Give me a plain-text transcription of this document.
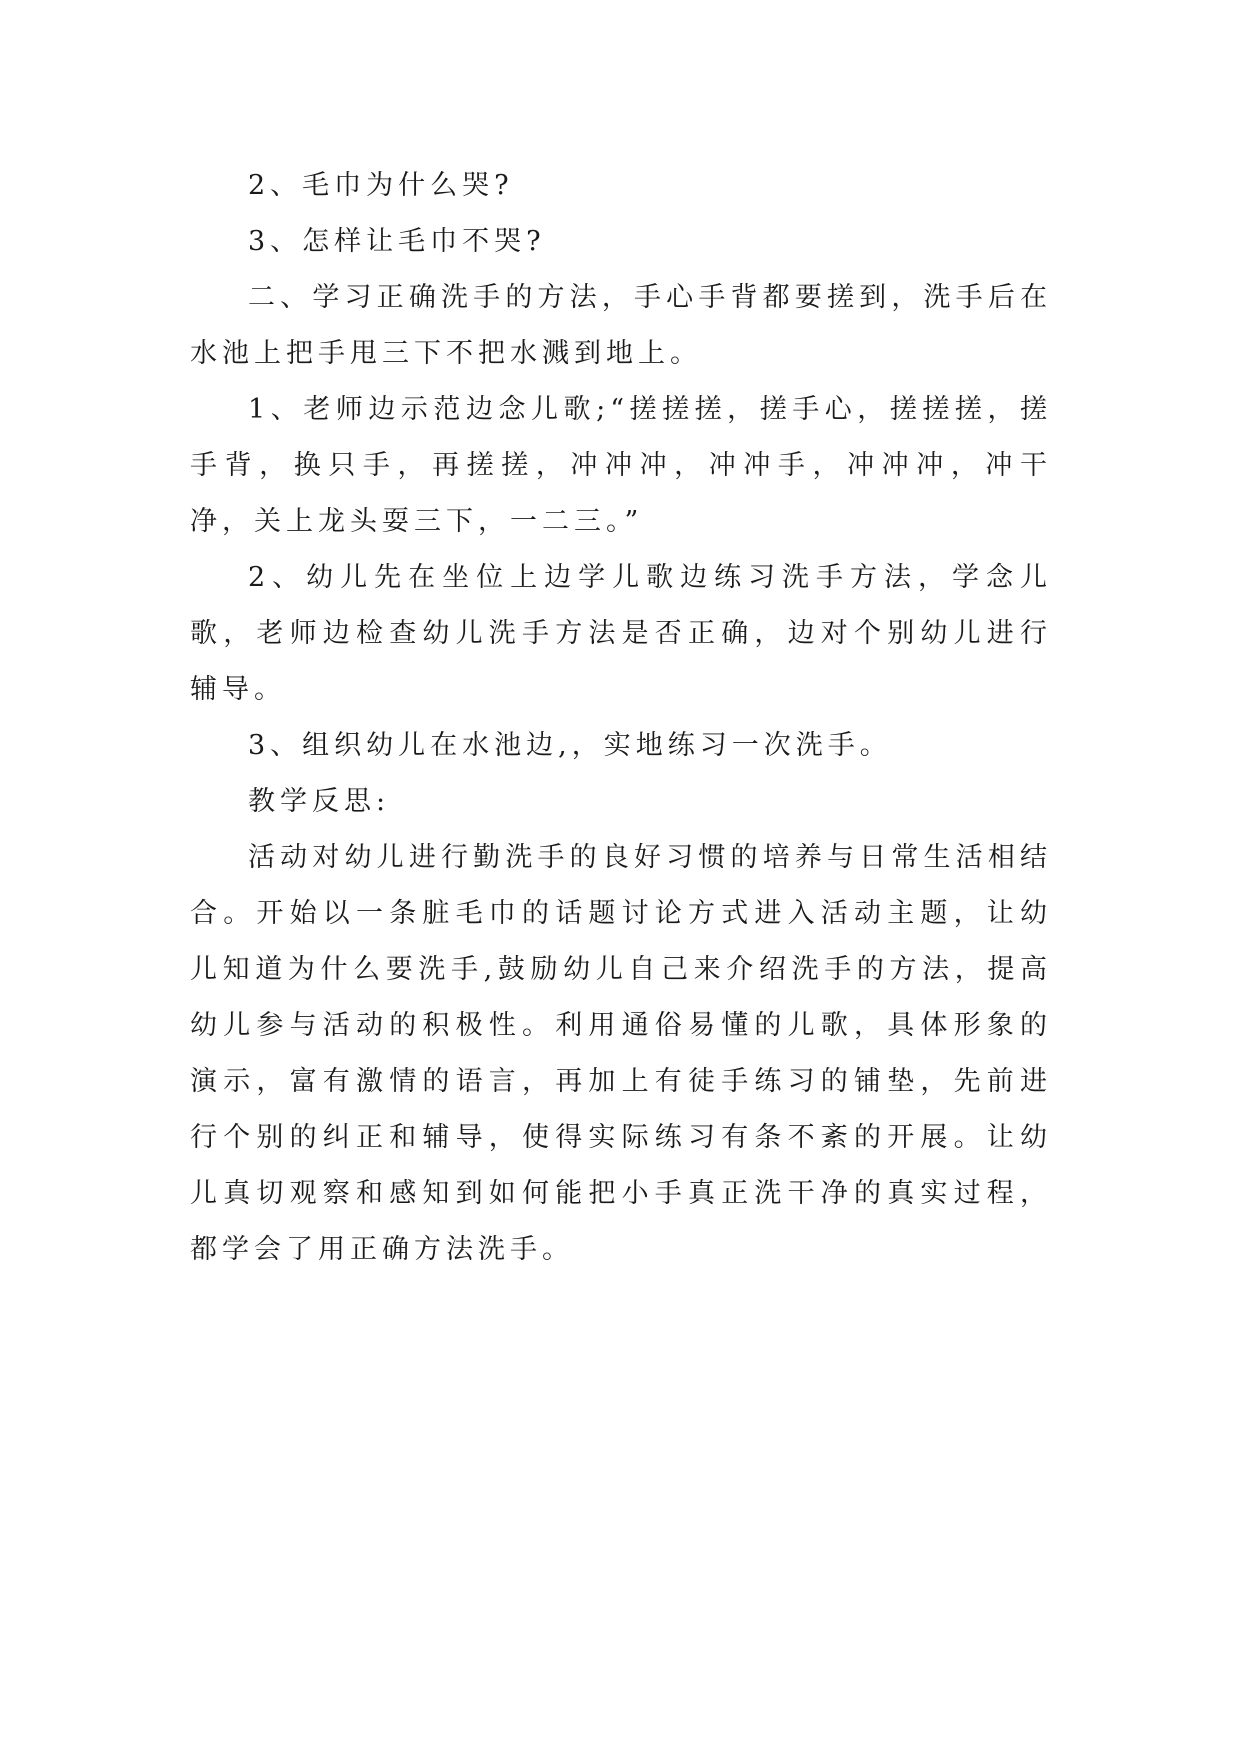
2、毛巾为什么哭?

3、怎样让毛巾不哭?

二、学习正确洗手的方法，手心手背都要搓到，洗手后在水池上把手甩三下不把水溅到地上。

1、老师边示范边念儿歌;“搓搓搓，搓手心，搓搓搓，搓手背，换只手，再搓搓，冲冲冲，冲冲手，冲冲冲，冲干净，关上龙头耍三下，一二三。”

2、幼儿先在坐位上边学儿歌边练习洗手方法，学念儿歌，老师边检查幼儿洗手方法是否正确，边对个别幼儿进行辅导。

3、组织幼儿在水池边,，实地练习一次洗手。

教学反思:

活动对幼儿进行勤洗手的良好习惯的培养与日常生活相结合。开始以一条脏毛巾的话题讨论方式进入活动主题，让幼儿知道为什么要洗手,鼓励幼儿自己来介绍洗手的方法，提高幼儿参与活动的积极性。利用通俗易懂的儿歌，具体形象的演示，富有激情的语言，再加上有徒手练习的铺垫，先前进行个别的纠正和辅导，使得实际练习有条不紊的开展。让幼儿真切观察和感知到如何能把小手真正洗干净的真实过程，都学会了用正确方法洗手。
